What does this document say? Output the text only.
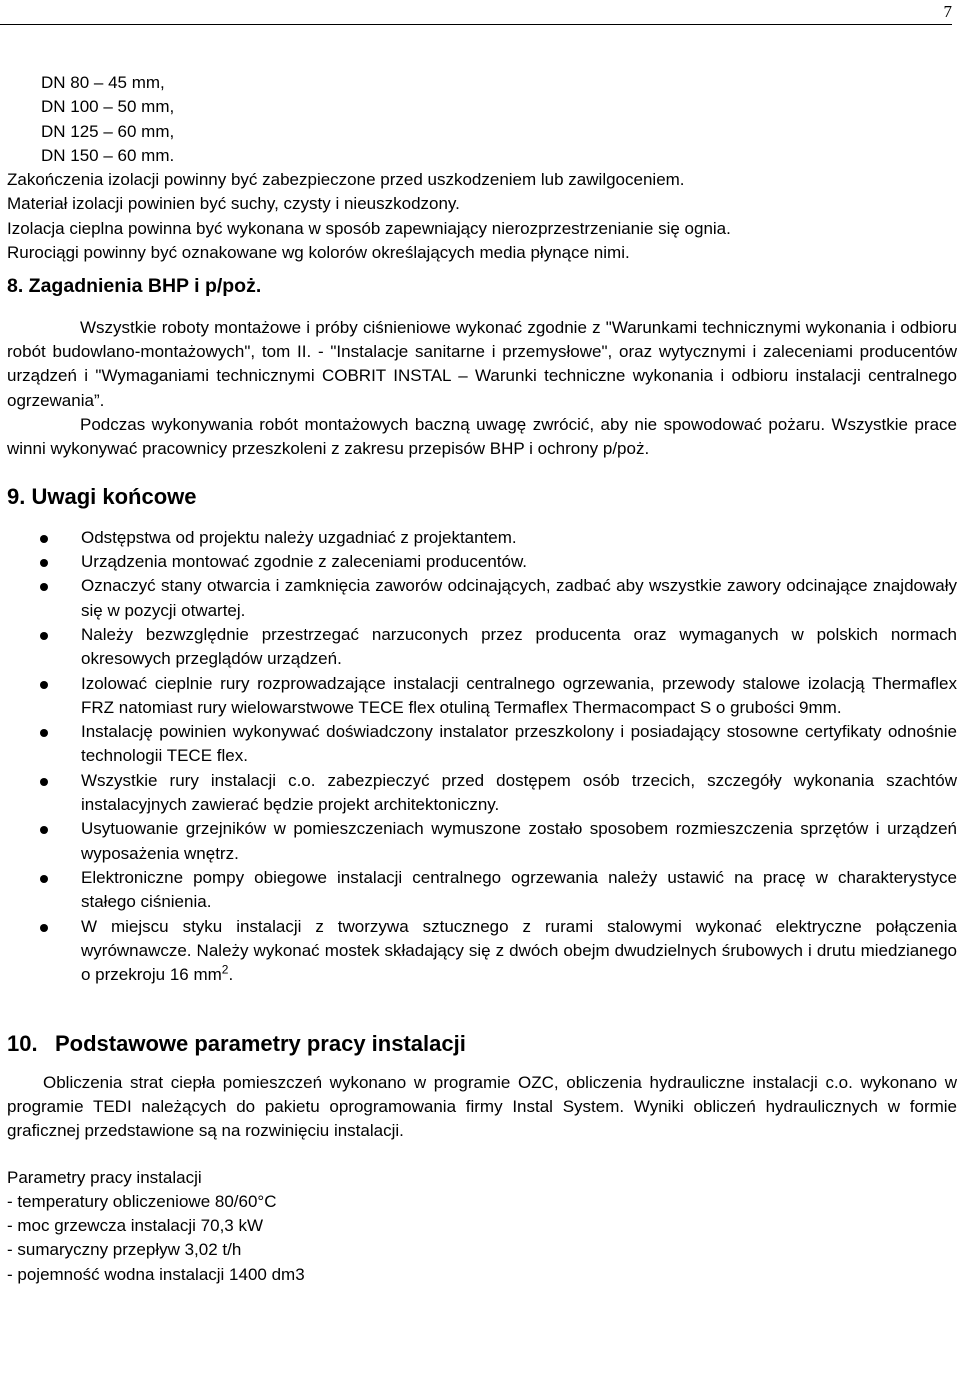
7
DN 80 – 45 mm,
DN 100 – 50 mm,
DN 125 – 60 mm,
DN 150 – 60 mm.

Zakończenia izolacji powinny być zabezpieczone przed uszkodzeniem lub zawilgoceniem.

Materiał izolacji powinien być suchy, czysty i nieuszkodzony.

Izolacja cieplna powinna być wykonana w sposób zapewniający nierozprzestrzenianie się ognia.

Rurociągi powinny być oznakowane wg kolorów określających media płynące nimi.

8. Zagadnienia BHP i p/poż.

Wszystkie roboty montażowe i próby ciśnieniowe wykonać zgodnie z "Warunkami technicznymi wykonania i odbioru robót budowlano-montażowych", tom II. - "Instalacje sanitarne i przemysłowe", oraz wytycznymi i zaleceniami producentów urządzeń i "Wymaganiami technicznymi COBRIT INSTAL – Warunki techniczne wykonania i odbioru instalacji centralnego ogrzewania”.

Podczas wykonywania robót montażowych baczną uwagę zwrócić, aby nie spowodować pożaru. Wszystkie prace winni wykonywać pracownicy przeszkoleni z zakresu przepisów BHP i ochrony p/poż.

9. Uwagi końcowe
Odstępstwa od projektu należy uzgadniać z projektantem.
Urządzenia montować zgodnie z zaleceniami producentów.
Oznaczyć stany otwarcia i zamknięcia zaworów odcinających, zadbać aby wszystkie zawory odcinające znajdowały się w pozycji otwartej.
Należy bezwzględnie przestrzegać narzuconych przez producenta oraz wymaganych w polskich normach okresowych przeglądów urządzeń.
Izolować cieplnie rury rozprowadzające instalacji centralnego ogrzewania, przewody stalowe izolacją Thermaflex FRZ natomiast rury wielowarstwowe TECE flex otuliną Termaflex Thermacompact S o grubości 9mm.
Instalację powinien wykonywać doświadczony instalator przeszkolony i posiadający stosowne certyfikaty odnośnie technologii TECE flex.
Wszystkie rury instalacji c.o. zabezpieczyć przed dostępem osób trzecich, szczegóły wykonania szachtów instalacyjnych zawierać będzie projekt architektoniczny.
Usytuowanie grzejników w pomieszczeniach wymuszone zostało sposobem rozmieszczenia sprzętów i urządzeń wyposażenia wnętrz.
Elektroniczne pompy obiegowe instalacji centralnego ogrzewania należy ustawić na pracę w charakterystyce stałego ciśnienia.
W miejscu styku instalacji z tworzywa sztucznego z rurami stalowymi wykonać elektryczne połączenia wyrównawcze. Należy wykonać mostek składający się z dwóch obejm dwudzielnych śrubowych i drutu miedzianego o przekroju 16 $mm^2$.
10. Podstawowe parametry pracy instalacji

Obliczenia strat ciepła pomieszczeń wykonano w programie OZC, obliczenia hydrauliczne instalacji c.o. wykonano w programie TEDI należących do pakietu oprogramowania firmy Instal System. Wyniki obliczeń hydraulicznych w formie graficznej przedstawione są na rozwinięciu instalacji.

Parametry pracy instalacji

- temperatury obliczeniowe 80/60°C

- moc grzewcza instalacji 70,3 kW

- sumaryczny przepływ 3,02 t/h

- pojemność wodna instalacji 1400 dm3
